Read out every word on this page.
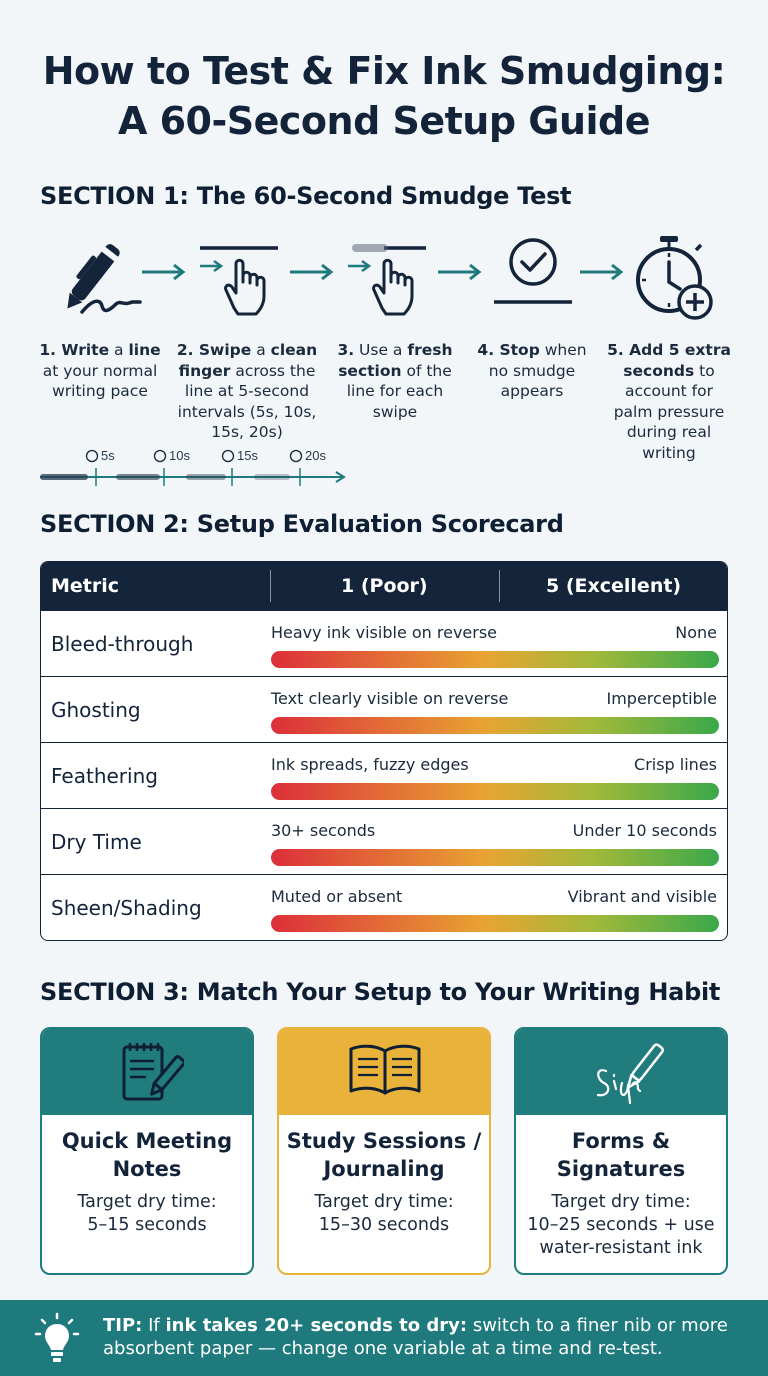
How to Test & Fix Ink Smudging:
A 60-Second Setup Guide
SECTION 1: The 60-Second Smudge Test
1. Write a line at your normal writing pace
2. Swipe a clean finger across the line at 5-second intervals (5s, 10s, 15s, 20s)
3. Use a fresh section of the line for each swipe
4. Stop when no smudge appears
5. Add 5 extra seconds to account for palm pressure during real writing
5s	10s	15s	20s
SECTION 2: Setup Evaluation Scorecard
Metric	1 (Poor)	5 (Excellent)
Bleed-through	Heavy ink visible on reverse	None
Ghosting	Text clearly visible on reverse	Imperceptible
Feathering	Ink spreads, fuzzy edges	Crisp lines
Dry Time	30+ seconds	Under 10 seconds
Sheen/Shading	Muted or absent	Vibrant and visible
SECTION 3: Match Your Setup to Your Writing Habit
Quick Meeting
Notes
Target dry time:
5–15 seconds
Study Sessions /
Journaling
Target dry time:
15–30 seconds
Forms &
Signatures
Target dry time:
10–25 seconds + use
water-resistant ink
TIP: If ink takes 20+ seconds to dry: switch to a finer nib or more absorbent paper — change one variable at a time and re-test.
